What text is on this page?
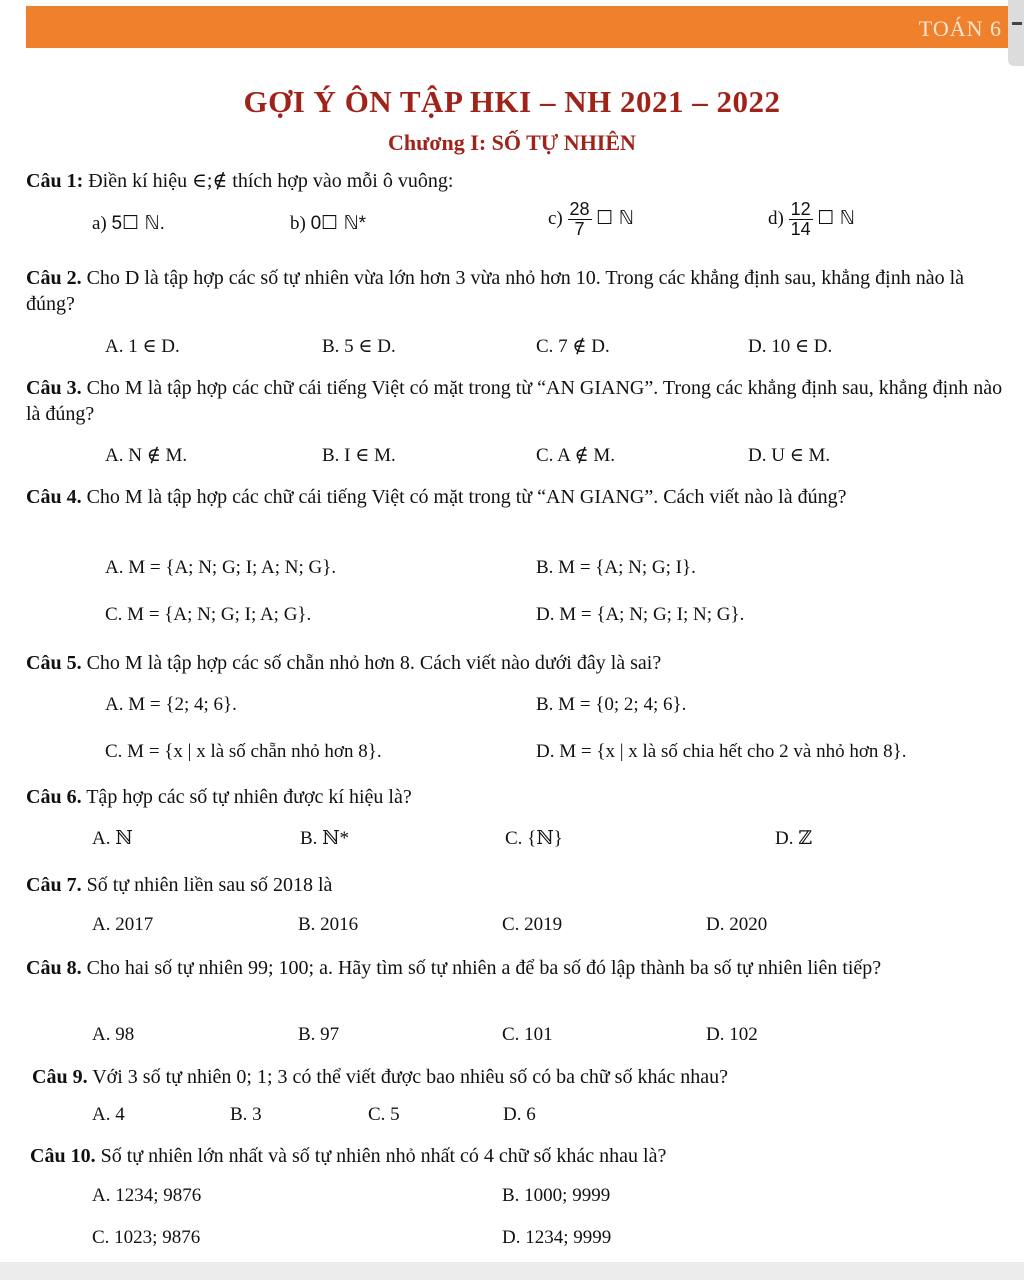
TOÁN 6
GỢI Ý ÔN TẬP HKI – NH 2021 – 2022
Chương I: SỐ TỰ NHIÊN
Câu 1: Điền kí hiệu ∈;∉ thích hợp vào mỗi ô vuông:
a) 5☐ ℕ.	b) 0☐ ℕ*	$c) \frac{28}{7}$ ☐ ℕ	$d) \frac{12}{14}$ ☐ ℕ
Câu 2. Cho D là tập hợp các số tự nhiên vừa lớn hơn 3 vừa nhỏ hơn 10. Trong các khẳng định sau, khẳng định nào là đúng?
A. 1 ∈ D.	B. 5 ∈ D.	C. 7 ∉ D.	D. 10 ∈ D.
Câu 3. Cho M là tập hợp các chữ cái tiếng Việt có mặt trong từ “AN GIANG”. Trong các khẳng định sau, khẳng định nào là đúng?
A. N ∉ M.	B. I ∈ M.	C. A ∉ M.	D. U ∈ M.
Câu 4. Cho M là tập hợp các chữ cái tiếng Việt có mặt trong từ “AN GIANG”. Cách viết nào là đúng?
A. M = {A; N; G; I; A; N; G}.	B. M = {A; N; G; I}.
C. M = {A; N; G; I; A; G}.	D. M = {A; N; G; I; N; G}.
Câu 5. Cho M là tập hợp các số chẵn nhỏ hơn 8. Cách viết nào dưới đây là sai?
A. M = {2; 4; 6}.	B. M = {0; 2; 4; 6}.
C. M = {x | x là số chẵn nhỏ hơn 8}.	D. M = {x | x là số chia hết cho 2 và nhỏ hơn 8}.
Câu 6. Tập hợp các số tự nhiên được kí hiệu là?
A. ℕ	B. ℕ*	C. {ℕ}	D. ℤ
Câu 7. Số tự nhiên liền sau số 2018 là
A. 2017	B. 2016	C. 2019	D. 2020
Câu 8. Cho hai số tự nhiên 99; 100; a. Hãy tìm số tự nhiên a để ba số đó lập thành ba số tự nhiên liên tiếp?
A. 98	B. 97	C. 101	D. 102
Câu 9. Với 3 số tự nhiên 0; 1; 3 có thể viết được bao nhiêu số có ba chữ số khác nhau?
A. 4	B. 3	C. 5	D. 6
Câu 10. Số tự nhiên lớn nhất và số tự nhiên nhỏ nhất có 4 chữ số khác nhau là?
A. 1234; 9876	B. 1000; 9999
C. 1023; 9876	D. 1234; 9999
